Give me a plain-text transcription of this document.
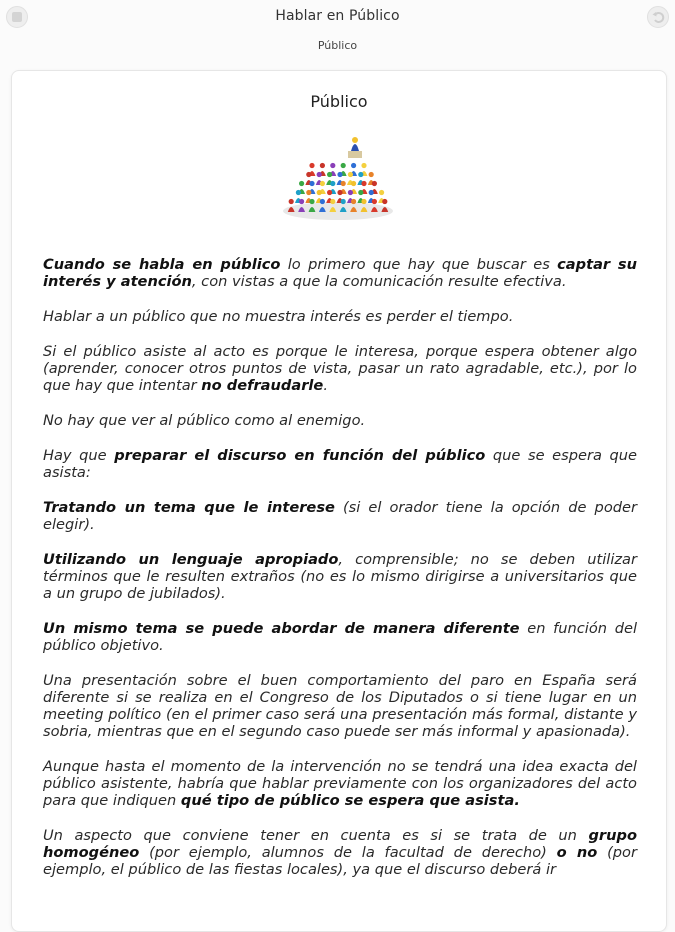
Hablar en Público
Público
Público

Cuando se habla en público lo primero que hay que buscar es captar su interés y atención, con vistas a que la comunicación resulte efectiva.

Hablar a un público que no muestra interés es perder el tiempo.

Si el público asiste al acto es porque le interesa, porque espera obtener algo (aprender, conocer otros puntos de vista, pasar un rato agradable, etc.), por lo que hay que intentar no defraudarle.

No hay que ver al público como al enemigo.

Hay que preparar el discurso en función del público que se espera que asista:

Tratando un tema que le interese (si el orador tiene la opción de poder elegir).

Utilizando un lenguaje apropiado, comprensible; no se deben utilizar términos que le resulten extraños (no es lo mismo dirigirse a universitarios que a un grupo de jubilados).

Un mismo tema se puede abordar de manera diferente en función del público objetivo.

Una presentación sobre el buen comportamiento del paro en España será diferente si se realiza en el Congreso de los Diputados o si tiene lugar en un meeting político (en el primer caso será una presentación más formal, distante y sobria, mientras que en el segundo caso puede ser más informal y apasionada).

Aunque hasta el momento de la intervención no se tendrá una idea exacta del público asistente, habría que hablar previamente con los organizadores del acto para que indiquen qué tipo de público se espera que asista.

Un aspecto que conviene tener en cuenta es si se trata de un grupo homogéneo (por ejemplo, alumnos de la facultad de derecho) o no (por ejemplo, el público de las fiestas locales), ya que el discurso deberá ir
